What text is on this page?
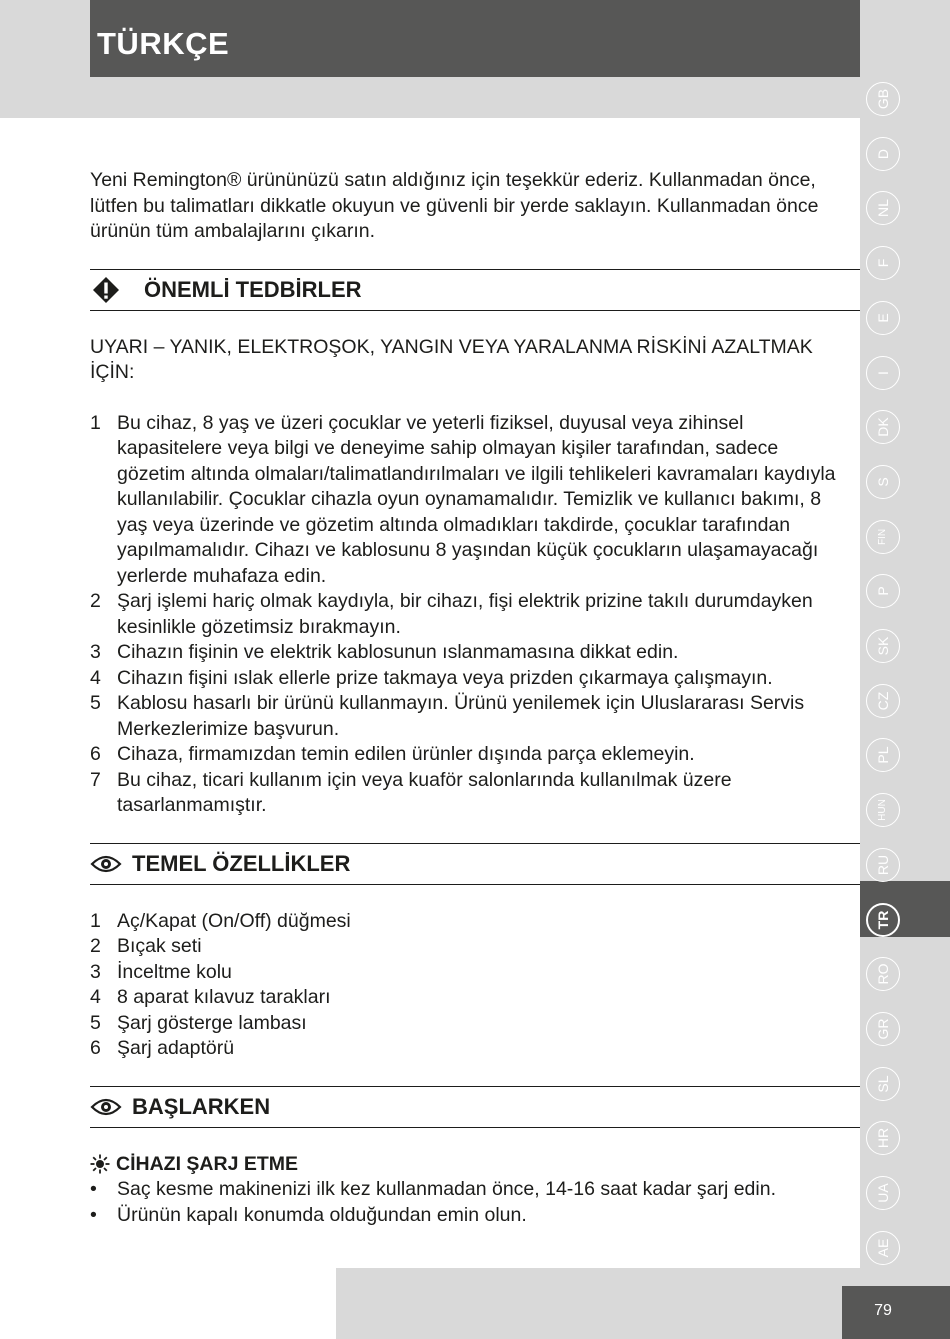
TÜRKÇE
GB
D
NL
F
E
I
DK
S
FIN
P
SK
CZ
PL
HUN
RU
TR
RO
GR
SL
HR
UA
AE
79

Yeni Remington® ürününüzü satın aldığınız için teşekkür ederiz. Kullanmadan önce, lütfen bu talimatları dikkatle okuyun ve güvenli bir yerde saklayın. Kullanmadan önce ürünün tüm ambalajlarını çıkarın.

ÖNEMLİ TEDBİRLER

UYARI – YANIK, ELEKTROŞOK, YANGIN VEYA YARALANMA RİSKİNİ AZALTMAK İÇİN:

1 Bu cihaz, 8 yaş ve üzeri çocuklar ve yeterli fiziksel, duyusal veya zihinsel kapasitelere veya bilgi ve deneyime sahip olmayan kişiler tarafından, sadece gözetim altında olmaları/talimatlandırılmaları ve ilgili tehlikeleri kavramaları kaydıyla kullanılabilir. Çocuklar cihazla oyun oynamamalıdır. Temizlik ve kullanıcı bakımı, 8 yaş veya üzerinde ve gözetim altında olmadıkları takdirde, çocuklar tarafından yapılmamalıdır. Cihazı ve kablosunu 8 yaşından küçük çocukların ulaşamayacağı yerlerde muhafaza edin.
2 Şarj işlemi hariç olmak kaydıyla, bir cihazı, fişi elektrik prizine takılı durumdayken kesinlikle gözetimsiz bırakmayın.
3 Cihazın fişinin ve elektrik kablosunun ıslanmamasına dikkat edin.
4 Cihazın fişini ıslak ellerle prize takmaya veya prizden çıkarmaya çalışmayın.
5 Kablosu hasarlı bir ürünü kullanmayın. Ürünü yenilemek için Uluslararası Servis Merkezlerimize başvurun.
6 Cihaza, firmamızdan temin edilen ürünler dışında parça eklemeyin.
7 Bu cihaz, ticari kullanım için veya kuaför salonlarında kullanılmak üzere tasarlanmamıştır.
TEMEL ÖZELLİKLER
1 Aç/Kapat (On/Off) düğmesi
2 Bıçak seti
3 İnceltme kolu
4 8 aparat kılavuz tarakları
5 Şarj gösterge lambası
6 Şarj adaptörü
BAŞLARKEN
CİHAZI ŞARJ ETME
• Saç kesme makinenizi ilk kez kullanmadan önce, 14-16 saat kadar şarj edin.
• Ürünün kapalı konumda olduğundan emin olun.
